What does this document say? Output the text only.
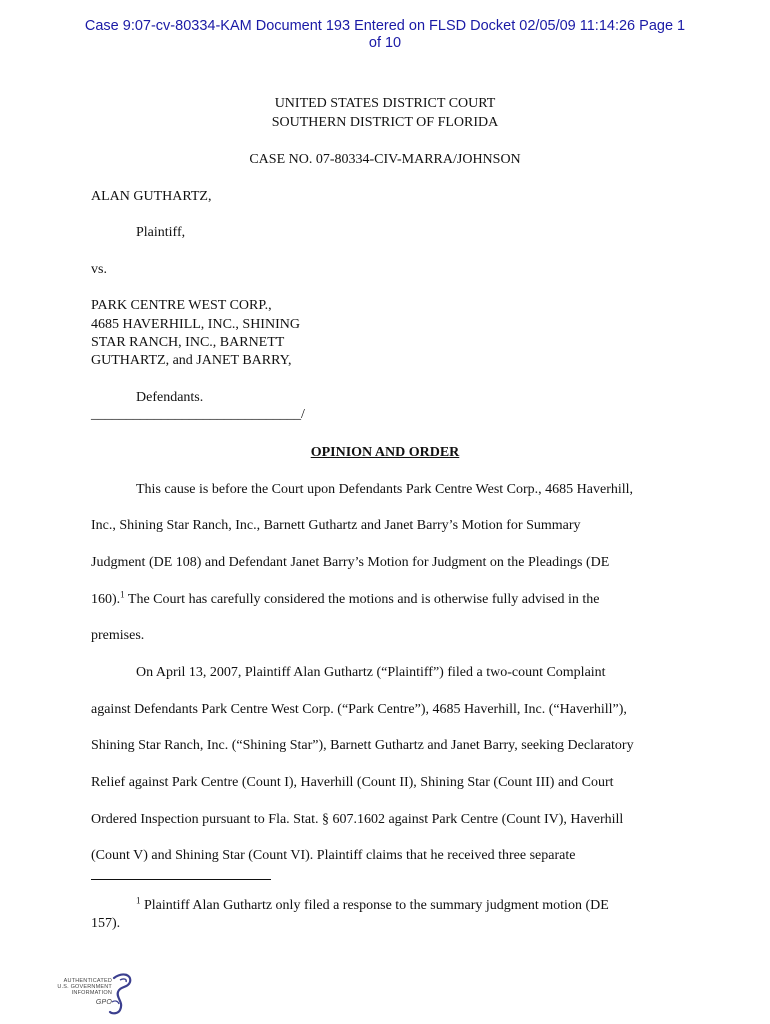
Case 9:07-cv-80334-KAM Document 193 Entered on FLSD Docket 02/05/09 11:14:26 Page 1
of 10
UNITED STATES DISTRICT COURT
SOUTHERN DISTRICT OF FLORIDA
CASE NO. 07-80334-CIV-MARRA/JOHNSON
ALAN GUTHARTZ,
Plaintiff,
vs.
PARK CENTRE WEST CORP.,
4685 HAVERHILL, INC., SHINING
STAR RANCH, INC., BARNETT
GUTHARTZ, and JANET BARRY,
Defendants.
______________________________/
OPINION AND ORDER
This cause is before the Court upon Defendants Park Centre West Corp., 4685 Haverhill,
Inc., Shining Star Ranch, Inc., Barnett Guthartz and Janet Barry’s Motion for Summary
Judgment (DE 108) and Defendant Janet Barry’s Motion for Judgment on the Pleadings (DE
160).$^1$ The Court has carefully considered the motions and is otherwise fully advised in the
premises.
On April 13, 2007, Plaintiff Alan Guthartz (“Plaintiff”) filed a two-count Complaint
against Defendants Park Centre West Corp. (“Park Centre”), 4685 Haverhill, Inc. (“Haverhill”),
Shining Star Ranch, Inc. (“Shining Star”), Barnett Guthartz and Janet Barry, seeking Declaratory
Relief against Park Centre (Count I), Haverhill (Count II), Shining Star (Count III) and Court
Ordered Inspection pursuant to Fla. Stat. § 607.1602 against Park Centre (Count IV), Haverhill
(Count V) and Shining Star (Count VI). Plaintiff claims that he received three separate
$^1$ Plaintiff Alan Guthartz only filed a response to the summary judgment motion (DE
157).
AUTHENTICATED
U.S. GOVERNMENT
INFORMATION
GPO
